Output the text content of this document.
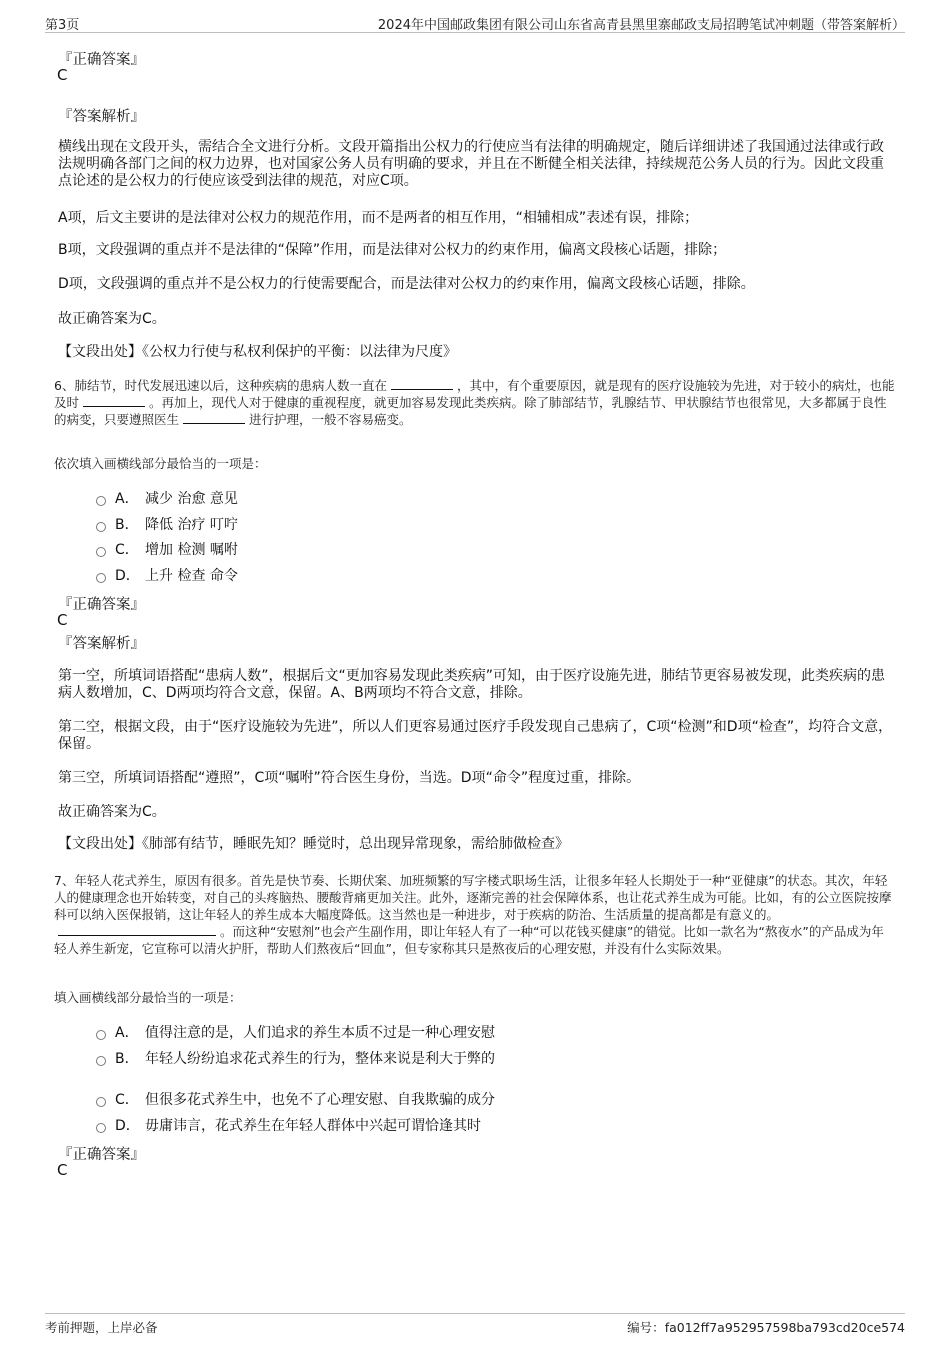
第3页	2024年中国邮政集团有限公司山东省高青县黑里寨邮政支局招聘笔试冲刺题（带答案解析）
『正确答案』
C
『答案解析』
横线出现在文段开头，需结合全文进行分析。文段开篇指出公权力的行使应当有法律的明确规定，随后详细讲述了我国通过法律或行政法规明确各部门之间的权力边界，也对国家公务人员有明确的要求，并且在不断健全相关法律，持续规范公务人员的行为。因此文段重点论述的是公权力的行使应该受到法律的规范，对应C项。
A项，后文主要讲的是法律对公权力的规范作用，而不是两者的相互作用，“相辅相成”表述有误，排除；
B项，文段强调的重点并不是法律的“保障”作用，而是法律对公权力的约束作用，偏离文段核心话题，排除；
D项，文段强调的重点并不是公权力的行使需要配合，而是法律对公权力的约束作用，偏离文段核心话题，排除。
故正确答案为C。
【文段出处】《公权力行使与私权利保护的平衡：以法律为尺度》
6、肺结节，时代发展迅速以后，这种疾病的患病人数一直在	，其中，有个重要原因，就是现有的医疗设施较为先进，对于较小的病灶，也能及时	。再加上，现代人对于健康的重视程度，就更加容易发现此类疾病。除了肺部结节，乳腺结节、甲状腺结节也很常见，大多都属于良性的病变，只要遵照医生	进行护理，一般不容易癌变。
依次填入画横线部分最恰当的一项是：
A． 减少 治愈 意见
B． 降低 治疗 叮咛
C． 增加 检测 嘱咐
D． 上升 检查 命令
『正确答案』
C
『答案解析』
第一空，所填词语搭配“患病人数”，根据后文“更加容易发现此类疾病”可知，由于医疗设施先进，肺结节更容易被发现，此类疾病的患病人数增加，C、D两项均符合文意，保留。A、B两项均不符合文意，排除。
第二空，根据文段，由于“医疗设施较为先进”，所以人们更容易通过医疗手段发现自己患病了，C项“检测”和D项“检查”，均符合文意，保留。
第三空，所填词语搭配“遵照”，C项“嘱咐”符合医生身份，当选。D项“命令”程度过重，排除。
故正确答案为C。
【文段出处】《肺部有结节，睡眠先知？睡觉时，总出现异常现象，需给肺做检查》
7、年轻人花式养生，原因有很多。首先是快节奏、长期伏案、加班频繁的写字楼式职场生活，让很多年轻人长期处于一种“亚健康”的状态。其次，年轻人的健康理念也开始转变，对自己的头疼脑热、腰酸背痛更加关注。此外，逐渐完善的社会保障体系，也让花式养生成为可能。比如，有的公立医院按摩科可以纳入医保报销，这让年轻人的养生成本大幅度降低。这当然也是一种进步，对于疾病的防治、生活质量的提高都是有意义的。。而这种“安慰剂”也会产生副作用，即让年轻人有了一种“可以花钱买健康”的错觉。比如一款名为“熬夜水”的产品成为年轻人养生新宠，它宣称可以清火护肝，帮助人们熬夜后“回血”，但专家称其只是熬夜后的心理安慰，并没有什么实际效果。
填入画横线部分最恰当的一项是：
A． 值得注意的是，人们追求的养生本质不过是一种心理安慰
B． 年轻人纷纷追求花式养生的行为，整体来说是利大于弊的
C． 但很多花式养生中，也免不了心理安慰、自我欺骗的成分
D． 毋庸讳言，花式养生在年轻人群体中兴起可谓恰逢其时
『正确答案』
C
考前押题，上岸必备	编号：fa012ff7a952957598ba793cd20ce574
